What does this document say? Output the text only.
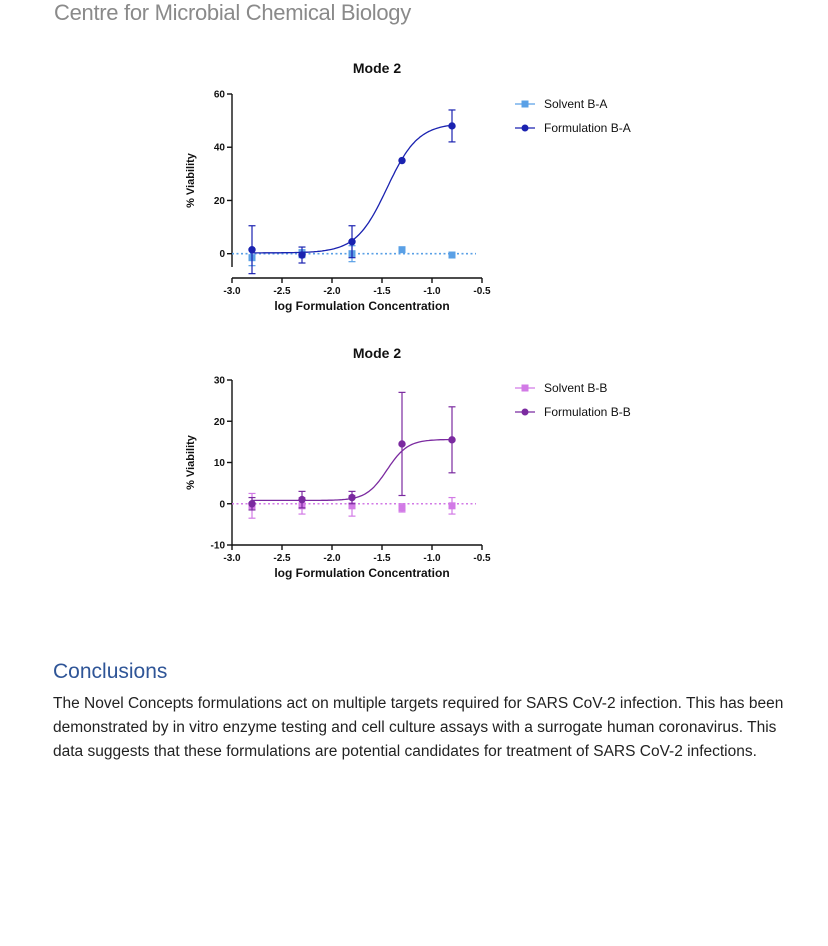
Centre for Microbial Chemical Biology
Mode 2
0
20
40
60
% Viability
-3.0	-2.5	-2.0	-1.5	-1.0	-0.5
log Formulation Concentration
Solvent B-A
Formulation B-A
Mode 2
-10
0
10
20
30
% Viability
-3.0	-2.5	-2.0	-1.5	-1.0	-0.5
log Formulation Concentration
Solvent B-B
Formulation B-B
Conclusions
The Novel Concepts formulations act on multiple targets required for SARS CoV-2 infection. This has been demonstrated by in vitro enzyme testing and cell culture assays with a surrogate human coronavirus. This data suggests that these formulations are potential candidates for treatment of SARS CoV-2 infections.
